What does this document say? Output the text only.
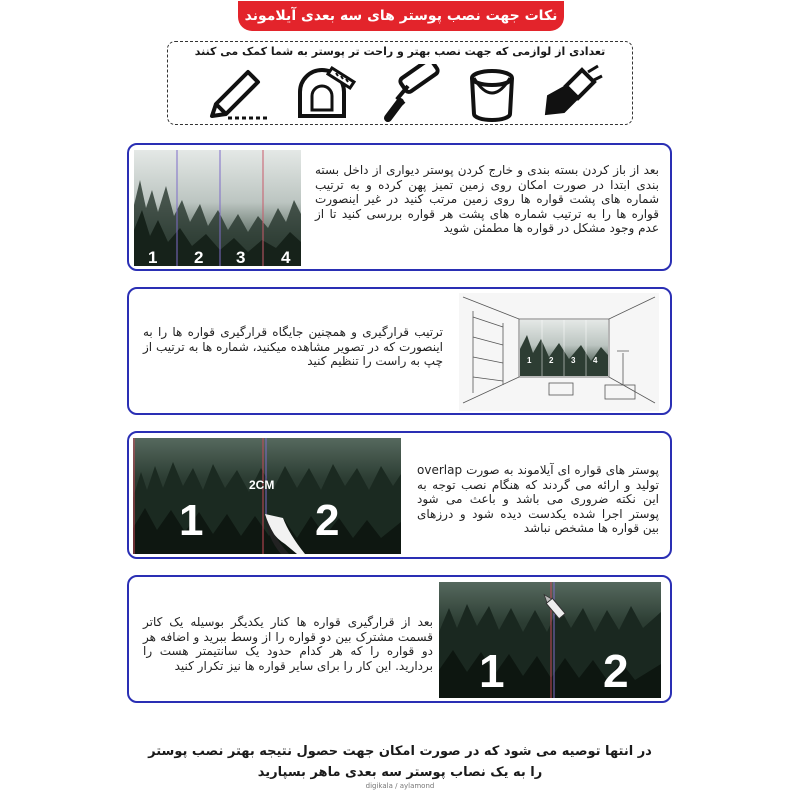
نکات جهت نصب پوستر های سه بعدی آیلاموند
تعدادی از لوازمی که جهت نصب بهتر و راحت تر پوستر به شما کمک می کنند
1 2 3 4
بعد از باز کردن بسته بندی و خارج کردن پوستر دیواری از داخل بسته بندی ابتدا در صورت امکان روی زمین تمیز پهن کرده و به ترتیب شماره های پشت قواره ها روی زمین مرتب کنید در غیر اینصورت قواره ها را به ترتیب شماره های پشت هر قواره بررسی کنید تا از عدم وجود مشکل در قواره ها مطمئن شوید
ترتیب قرارگیری و همچنین جایگاه قرارگیری قواره ها را به اینصورت که در تصویر مشاهده میکنید، شماره ها به ترتیب از چپ به راست را تنظیم کنید	1 2 3 4
2CM
1	2
پوستر های قواره ای آیلاموند به صورت overlap تولید و ارائه می گردند که هنگام نصب توجه به این نکته ضروری می باشد و باعث می شود پوستر اجرا شده یکدست دیده شود و درزهای بین قواره ها مشخص نباشد
بعد از قرارگیری قواره ها کنار یکدیگر بوسیله یک کاتر قسمت مشترک بین دو قواره را از وسط ببرید و اضافه هر دو قواره را که هر کدام حدود یک سانتیمتر هست را بردارید. این کار را برای سایر قواره ها نیز تکرار کنید 1 2
در انتها توصیه می شود که در صورت امکان جهت حصول نتیجه بهتر نصب پوستر را به یک نصاب پوستر سه بعدی ماهر بسپارید
digikala / aylamond
